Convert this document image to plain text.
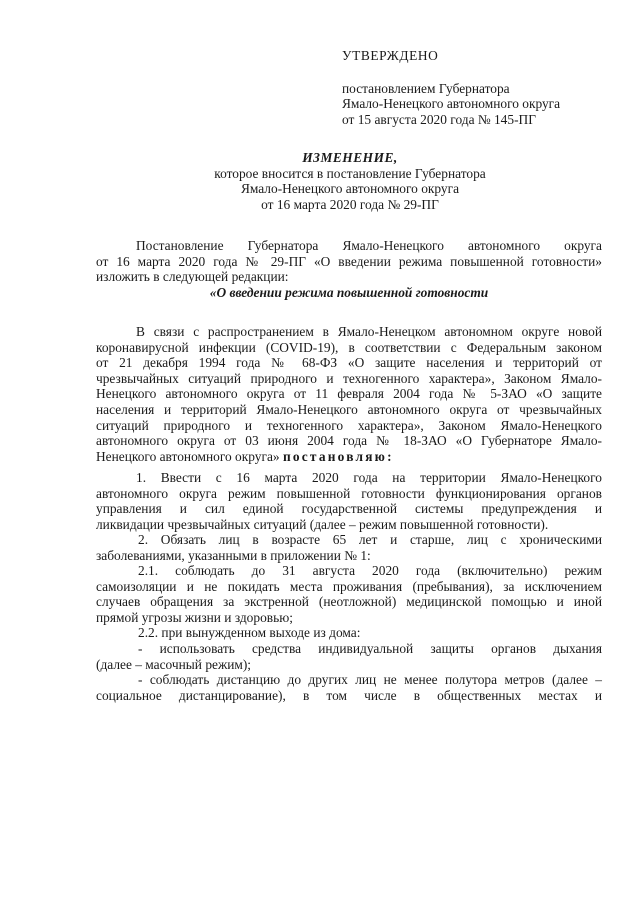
УТВЕРЖДЕНО
постановлением Губернатора
Ямало-Ненецкого автономного округа
от 15 августа 2020 года № 145-ПГ
ИЗМЕНЕНИЕ,
которое вносится в постановление Губернатора
Ямало-Ненецкого автономного округа
от 16 марта 2020 года № 29-ПГ
Постановление Губернатора Ямало-Ненецкого автономного округа
от 16 марта 2020 года № 29-ПГ «О введении режима повышенной готовности»
изложить в следующей редакции:
«О введении режима повышенной готовности
В связи с распространением в Ямало-Ненецком автономном округе новой
коронавирусной инфекции (COVID-19), в соответствии с Федеральным законом
от 21 декабря 1994 года № 68-ФЗ «О защите населения и территорий от
чрезвычайных ситуаций природного и техногенного характера», Законом Ямало-
Ненецкого автономного округа от 11 февраля 2004 года № 5-ЗАО «О защите
населения и территорий Ямало-Ненецкого автономного округа от чрезвычайных
ситуаций природного и техногенного характера», Законом Ямало-Ненецкого
автономного округа от 03 июня 2004 года № 18-ЗАО «О Губернаторе Ямало-
Ненецкого автономного округа» постановляю:
1. Ввести с 16 марта 2020 года на территории Ямало-Ненецкого
автономного округа режим повышенной готовности функционирования органов
управления и сил единой государственной системы предупреждения и
ликвидации чрезвычайных ситуаций (далее – режим повышенной готовности).
2. Обязать лиц в возрасте 65 лет и старше, лиц с хроническими
заболеваниями, указанными в приложении № 1:
2.1. соблюдать до 31 августа 2020 года (включительно) режим
самоизоляции и не покидать места проживания (пребывания), за исключением
случаев обращения за экстренной (неотложной) медицинской помощью и иной
прямой угрозы жизни и здоровью;
2.2. при вынужденном выходе из дома:
- использовать средства индивидуальной защиты органов дыхания
(далее – масочный режим);
- соблюдать дистанцию до других лиц не менее полутора метров (далее –
социальное дистанцирование), в том числе в общественных местах и
